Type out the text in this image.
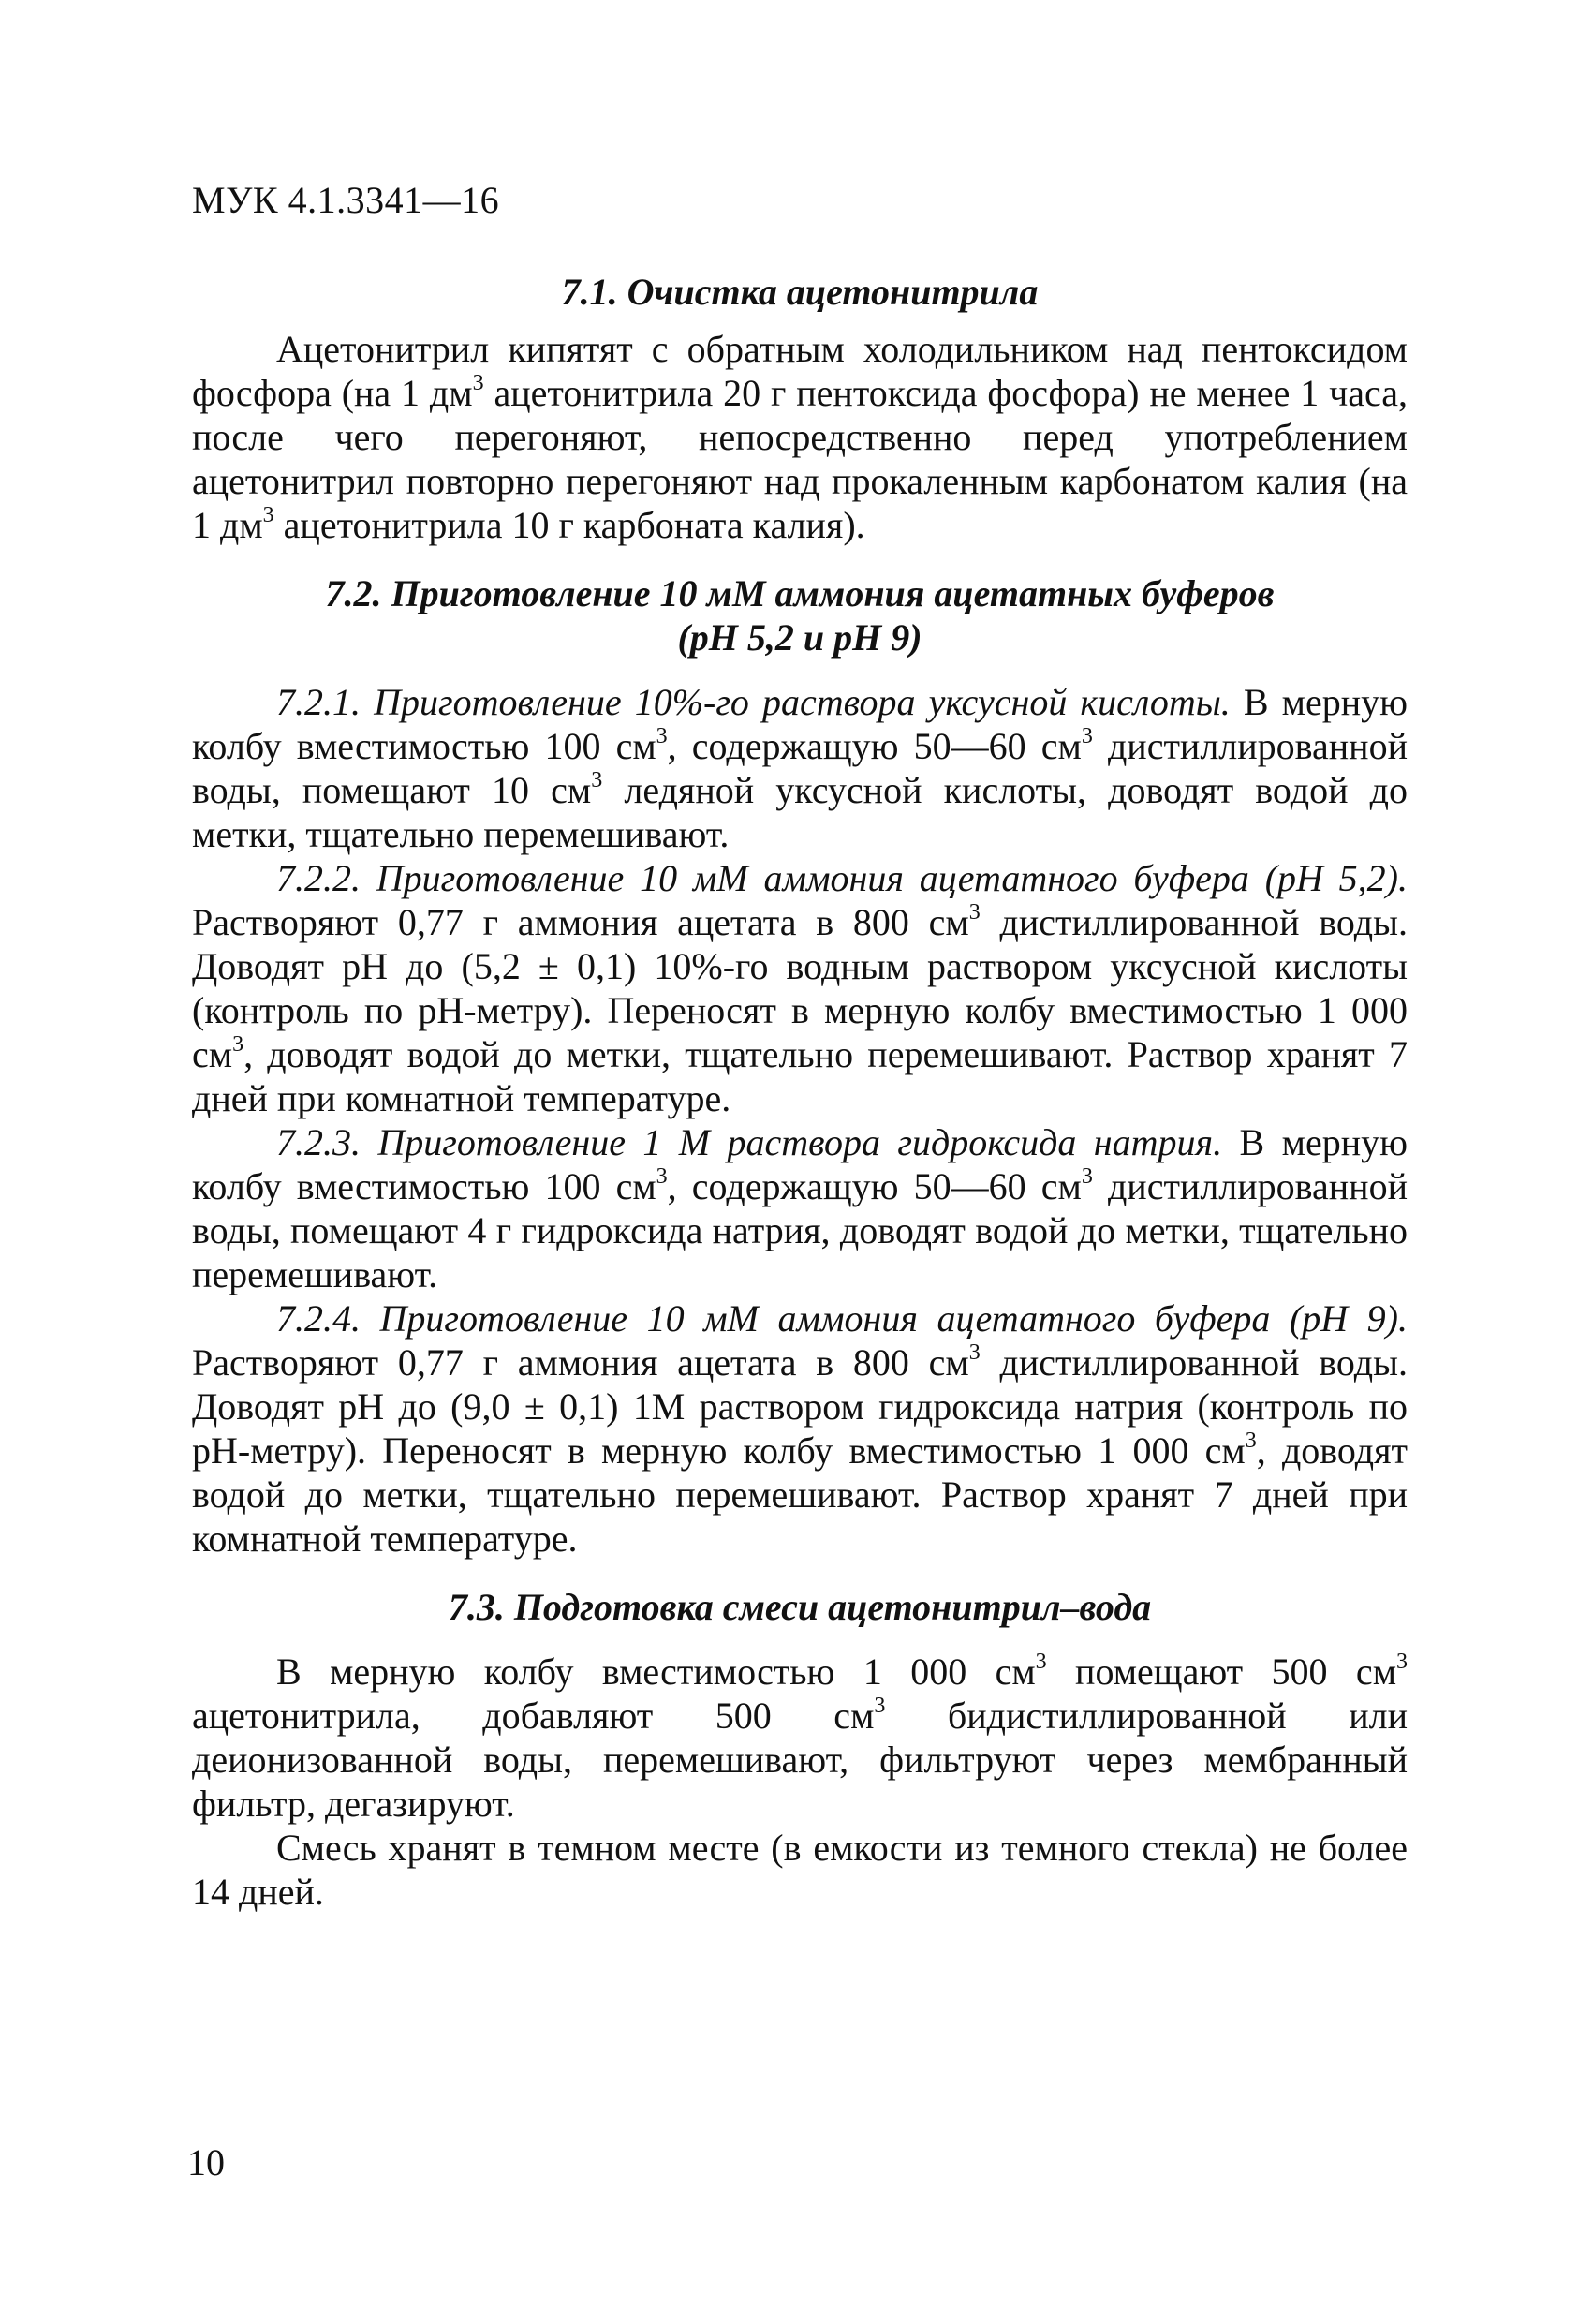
МУК 4.1.3341—16
7.1. Очистка ацетонитрила

Ацетонитрил кипятят с обратным холодильником над пентоксидом фосфора (на 1 $дм^3$ ацетонитрила 20 г пентоксида фосфора) не менее 1 часа, после чего перегоняют, непосредственно перед употреблением ацетонитрил повторно перегоняют над прокаленным карбонатом калия (на 1 $дм^3$ ацетонитрила 10 г карбоната калия).

7.2. Приготовление 10 мМ аммония ацетатных буферов
(рН 5,2 и рН 9)

7.2.1. Приготовление 10%-го раствора уксусной кислоты. В мерную колбу вместимостью 100 $см^3$, содержащую 50—60 $см^3$ дистиллированной воды, помещают 10 $см^3$ ледяной уксусной кислоты, доводят водой до метки, тщательно перемешивают.

7.2.2. Приготовление 10 мМ аммония ацетатного буфера (рН 5,2). Растворяют 0,77 г аммония ацетата в 800 $см^3$ дистиллированной воды. Доводят рН до (5,2 ± 0,1) 10%-го водным раствором уксусной кислоты (контроль по рН-метру). Переносят в мерную колбу вместимостью 1 000 $см^3$, доводят водой до метки, тщательно перемешивают. Раствор хранят 7 дней при комнатной температуре.

7.2.3. Приготовление 1 М раствора гидроксида натрия. В мерную колбу вместимостью 100 $см^3$, содержащую 50—60 $см^3$ дистиллированной воды, помещают 4 г гидроксида натрия, доводят водой до метки, тщательно перемешивают.

7.2.4. Приготовление 10 мМ аммония ацетатного буфера (рН 9). Растворяют 0,77 г аммония ацетата в 800 $см^3$ дистиллированной воды. Доводят рН до (9,0 ± 0,1) 1М раствором гидроксида натрия (контроль по рН-метру). Переносят в мерную колбу вместимостью 1 000 $см^3$, доводят водой до метки, тщательно перемешивают. Раствор хранят 7 дней при комнатной температуре.

7.3. Подготовка смеси ацетонитрил–вода

В мерную колбу вместимостью 1 000 $см^3$ помещают 500 $см^3$ ацетонитрила, добавляют 500 $см^3$ бидистиллированной или деионизованной воды, перемешивают, фильтруют через мембранный фильтр, дегазируют.

Смесь хранят в темном месте (в емкости из темного стекла) не более 14 дней.

10
